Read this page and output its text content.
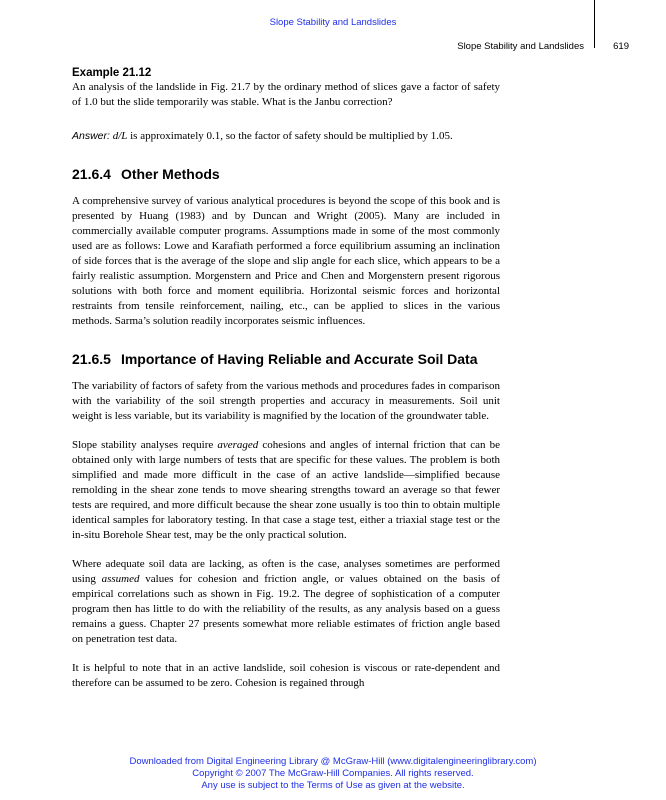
Slope Stability and Landslides
Slope Stability and Landslides	619
Example 21.12

An analysis of the landslide in Fig. 21.7 by the ordinary method of slices gave a factor of safety of 1.0 but the slide temporarily was stable. What is the Janbu correction?

Answer: d/L is approximately 0.1, so the factor of safety should be multiplied by 1.05.

21.6.4 Other Methods

A comprehensive survey of various analytical procedures is beyond the scope of this book and is presented by Huang (1983) and by Duncan and Wright (2005). Many are included in commercially available computer programs. Assumptions made in some of the most commonly used are as follows: Lowe and Karafiath performed a force equilibrium assuming an inclination of side forces that is the average of the slope and slip angle for each slice, which appears to be a fairly realistic assumption. Morgenstern and Price and Chen and Morgenstern present rigorous solutions with both force and moment equilibria. Horizontal seismic forces and horizontal restraints from tensile reinforcement, nailing, etc., can be applied to slices in the various methods. Sarma’s solution readily incorporates seismic influences.

21.6.5 Importance of Having Reliable and Accurate Soil Data

The variability of factors of safety from the various methods and procedures fades in comparison with the variability of the soil strength properties and accuracy in measurements. Soil unit weight is less variable, but its variability is magnified by the location of the groundwater table.

Slope stability analyses require averaged cohesions and angles of internal friction that can be obtained only with large numbers of tests that are specific for these values. The problem is both simplified and made more difficult in the case of an active landslide—simplified because remolding in the shear zone tends to move shearing strengths toward an average so that fewer tests are required, and more difficult because the shear zone usually is too thin to obtain multiple identical samples for laboratory testing. In that case a stage test, either a triaxial stage test or the in-situ Borehole Shear test, may be the only practical solution.

Where adequate soil data are lacking, as often is the case, analyses sometimes are performed using assumed values for cohesion and friction angle, or values obtained on the basis of empirical correlations such as shown in Fig. 19.2. The degree of sophistication of a computer program then has little to do with the reliability of the results, as any analysis based on a guess remains a guess. Chapter 27 presents somewhat more reliable estimates of friction angle based on penetration test data.

It is helpful to note that in an active landslide, soil cohesion is viscous or rate-dependent and therefore can be assumed to be zero. Cohesion is regained through

Downloaded from Digital Engineering Library @ McGraw-Hill (www.digitalengineeringlibrary.com)
Copyright © 2007 The McGraw-Hill Companies. All rights reserved.
Any use is subject to the Terms of Use as given at the website.
